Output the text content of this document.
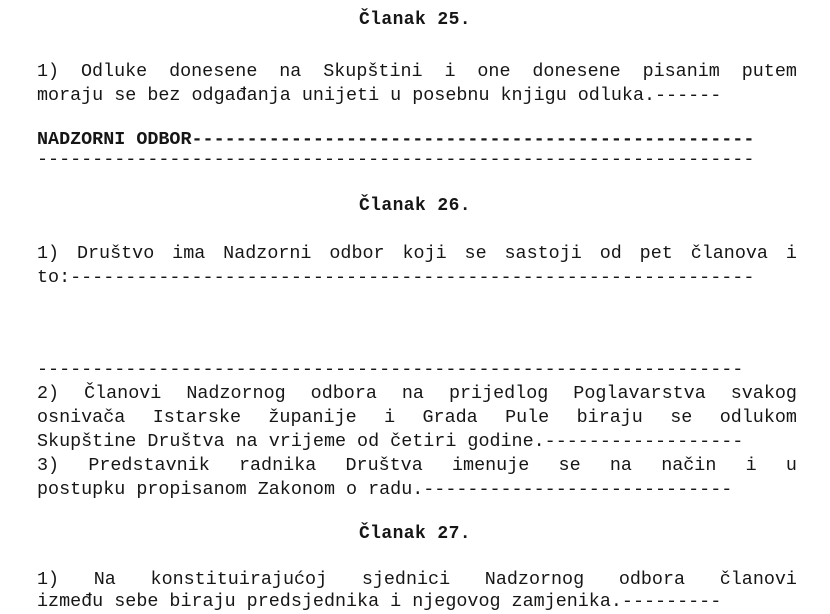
Članak 25.
1) Odluke donesene na Skupštini i one donesene pisanim putem
moraju se bez odgađanja unijeti u posebnu knjigu odluka.------
NADZORNI ODBOR---------------------------------------------------
-----------------------------------------------------------------
Članak 26.
1) Društvo ima Nadzorni odbor koji se sastoji od pet članova i
to:--------------------------------------------------------------

----------------------------------------------------------------
2) Članovi Nadzornog odbora na prijedlog Poglavarstva svakog
osnivača Istarske županije i Grada Pule biraju se odlukom
Skupštine Društva na vrijeme od četiri godine.------------------
3) Predstavnik radnika Društva imenuje se na način i u
postupku propisanom Zakonom o radu.----------------------------
Članak 27.
1) Na konstituirajućoj sjednici Nadzornog odbora članovi
između sebe biraju predsjednika i njegovog zamjenika.---------
